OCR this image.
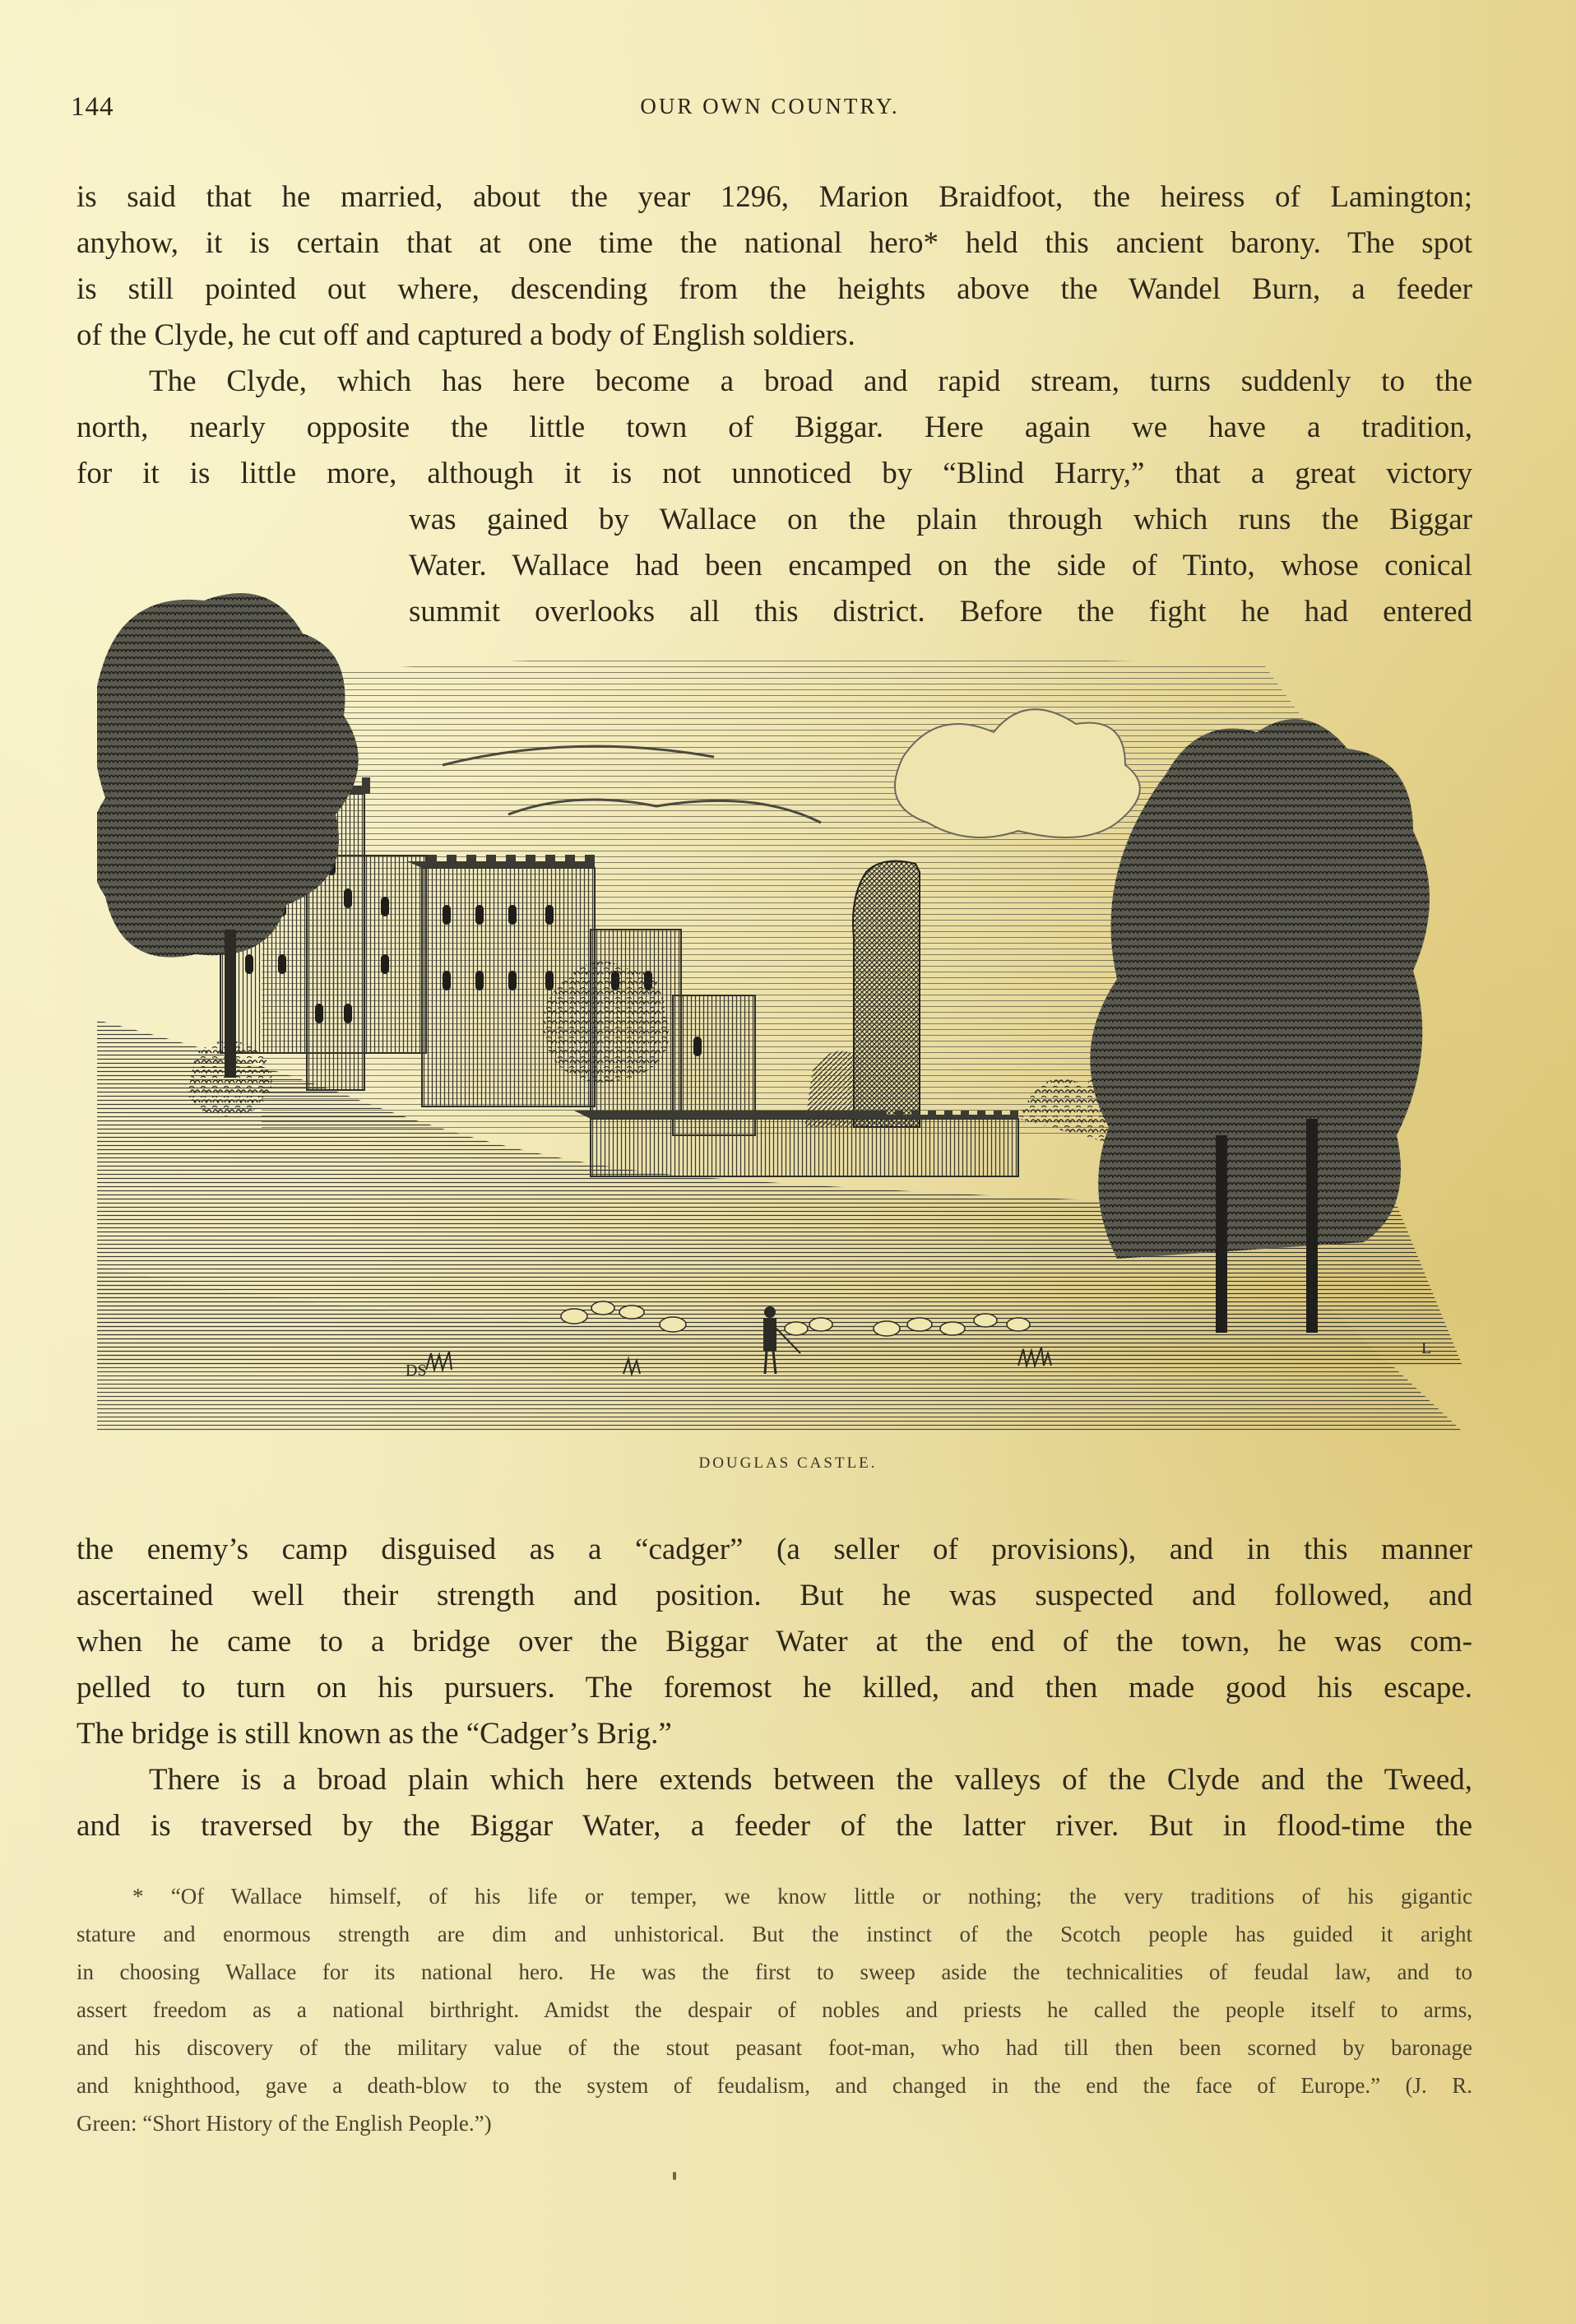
144	OUR OWN COUNTRY.
is said that he married, about the year 1296, Marion Braidfoot, the heiress of Lamington;
anyhow, it is certain that at one time the national hero* held this ancient barony. The spot
is still pointed out where, descending from the heights above the Wandel Burn, a feeder
of the Clyde, he cut off and captured a body of English soldiers.
The Clyde, which has here become a broad and rapid stream, turns suddenly to the
north, nearly opposite the little town of Biggar. Here again we have a tradition,
for it is little more, although it is not unnoticed by “Blind Harry,” that a great victory
was gained by Wallace on the plain through which runs the Biggar
Water. Wallace had been encamped on the side of Tinto, whose conical
summit overlooks all this district. Before the fight he had entered
DS
L
DOUGLAS CASTLE.
the enemy’s camp disguised as a “cadger” (a seller of provisions), and in this manner
ascertained well their strength and position. But he was suspected and followed, and
when he came to a bridge over the Biggar Water at the end of the town, he was com-
pelled to turn on his pursuers. The foremost he killed, and then made good his escape.
The bridge is still known as the “Cadger’s Brig.”
There is a broad plain which here extends between the valleys of the Clyde and the Tweed,
and is traversed by the Biggar Water, a feeder of the latter river. But in flood-time the
* “Of Wallace himself, of his life or temper, we know little or nothing; the very traditions of his gigantic
stature and enormous strength are dim and unhistorical. But the instinct of the Scotch people has guided it aright
in choosing Wallace for its national hero. He was the first to sweep aside the technicalities of feudal law, and to
assert freedom as a national birthright. Amidst the despair of nobles and priests he called the people itself to arms,
and his discovery of the military value of the stout peasant foot-man, who had till then been scorned by baronage
and knighthood, gave a death-blow to the system of feudalism, and changed in the end the face of Europe.” (J. R.
Green: “Short History of the English People.”)
